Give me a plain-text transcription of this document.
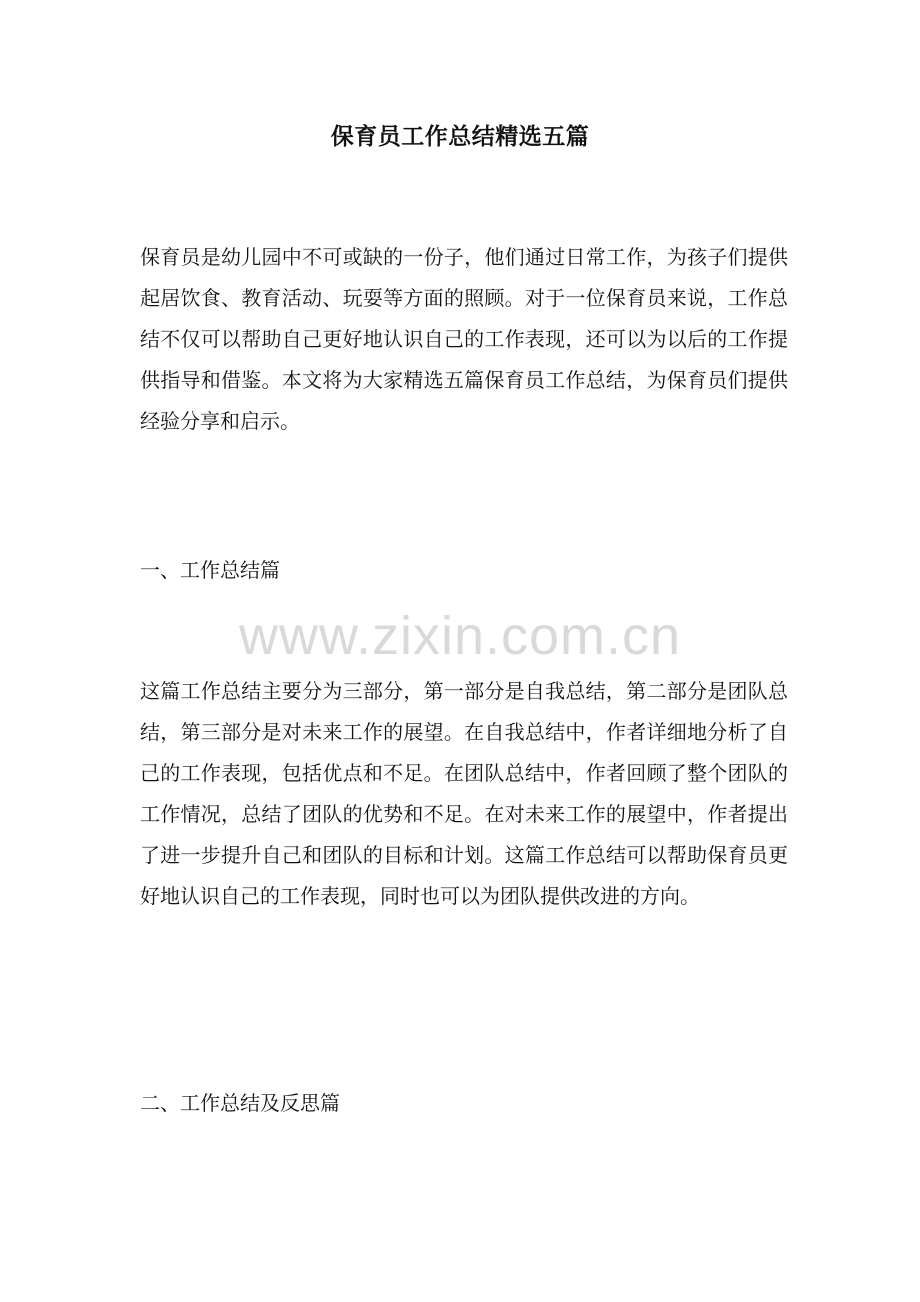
保育员工作总结精选五篇
保育员是幼儿园中不可或缺的一份子，他们通过日常工作，为孩子们提供起居饮食、教育活动、玩耍等方面的照顾。对于一位保育员来说，工作总结不仅可以帮助自己更好地认识自己的工作表现，还可以为以后的工作提供指导和借鉴。本文将为大家精选五篇保育员工作总结，为保育员们提供经验分享和启示。
一、工作总结篇
www.zixin.com.cn
这篇工作总结主要分为三部分，第一部分是自我总结，第二部分是团队总结，第三部分是对未来工作的展望。在自我总结中，作者详细地分析了自己的工作表现，包括优点和不足。在团队总结中，作者回顾了整个团队的工作情况，总结了团队的优势和不足。在对未来工作的展望中，作者提出了进一步提升自己和团队的目标和计划。这篇工作总结可以帮助保育员更好地认识自己的工作表现，同时也可以为团队提供改进的方向。
二、工作总结及反思篇
